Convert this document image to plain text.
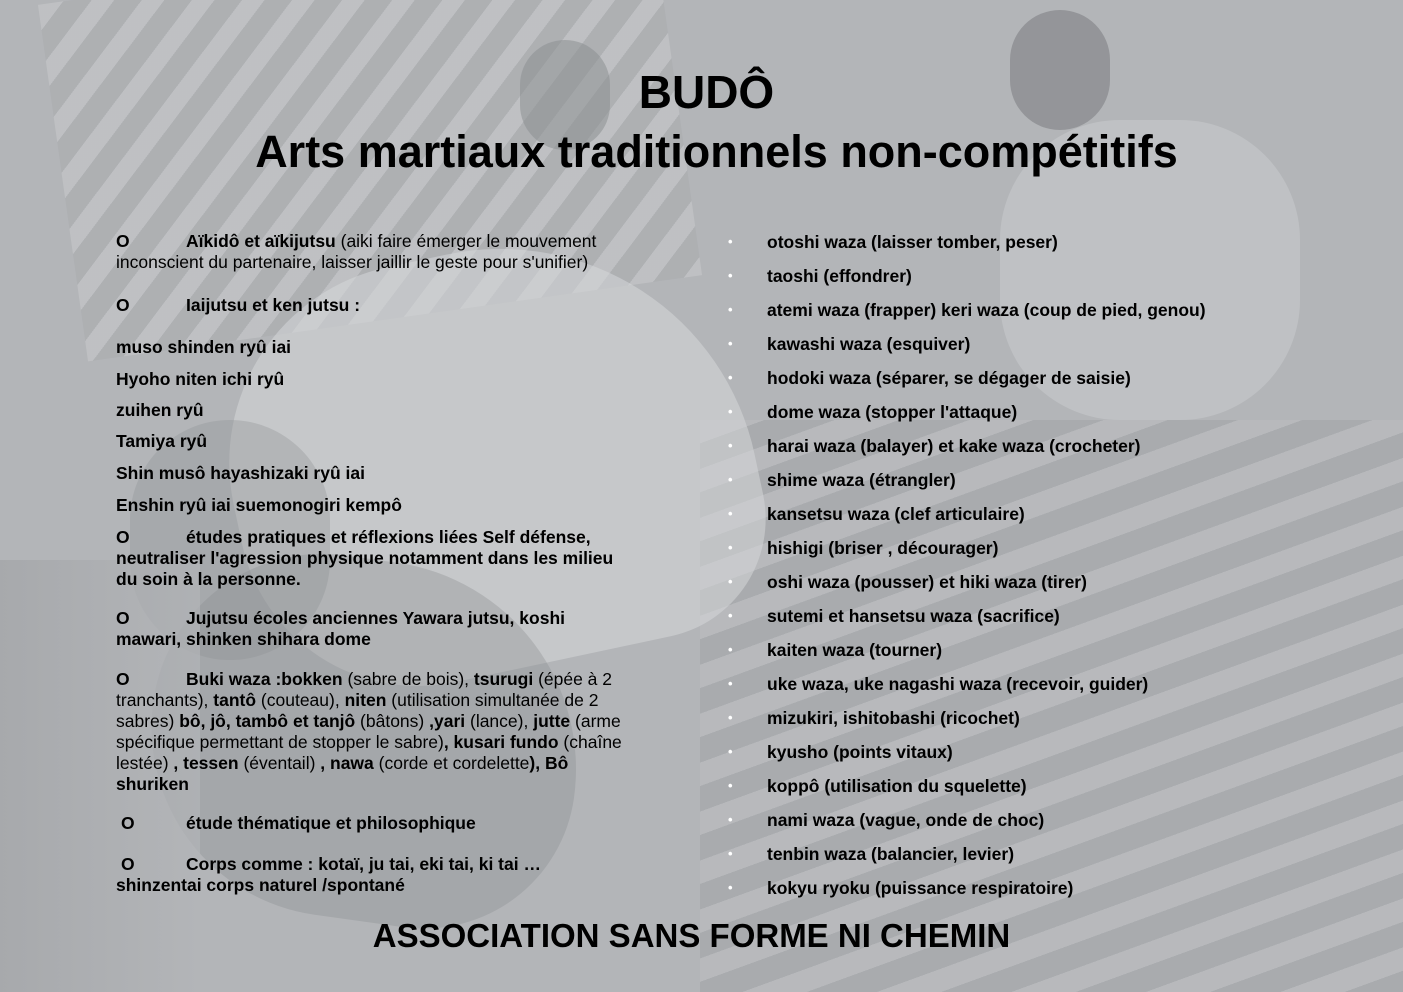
BUDÔ
Arts martiaux traditionnels non-compétitifs
O	Aïkidô et aïkijutsu (aiki faire émerger le mouvement
inconscient du partenaire, laisser jaillir le geste pour s'unifier)
O	Iaijutsu et ken jutsu :
muso shinden ryû iai
Hyoho niten ichi ryû
zuihen ryû
Tamiya ryû
Shin musô hayashizaki ryû iai
Enshin ryû iai suemonogiri kempô
O	études pratiques et réflexions liées Self défense,
neutraliser l'agression physique notamment dans les milieu
du soin à la personne.
O	Jujutsu écoles anciennes Yawara jutsu, koshi
mawari, shinken shihara dome
O	Buki waza :bokken (sabre de bois), tsurugi (épée à 2
tranchants), tantô (couteau), niten (utilisation simultanée de 2
sabres) bô, jô, tambô et tanjô (bâtons) ,yari (lance), jutte (arme
spécifique permettant de stopper le sabre), kusari fundo (chaîne
lestée) , tessen (éventail) , nawa (corde et cordelette), Bô
shuriken
O	étude thématique et philosophique
O	Corps comme : kotaï, ju tai, eki tai, ki tai …
shinzentai corps naturel /spontané
• otoshi waza (laisser tomber, peser)
• taoshi (effondrer)
• atemi waza (frapper) keri waza (coup de pied, genou)
• kawashi waza (esquiver)
• hodoki waza (séparer, se dégager de saisie)
• dome waza (stopper l'attaque)
• harai waza (balayer) et kake waza (crocheter)
• shime waza (étrangler)
• kansetsu waza (clef articulaire)
• hishigi (briser , décourager)
• oshi waza (pousser) et hiki waza (tirer)
• sutemi et hansetsu waza (sacrifice)
• kaiten waza (tourner)
• uke waza, uke nagashi waza (recevoir, guider)
• mizukiri, ishitobashi (ricochet)
• kyusho (points vitaux)
• koppô (utilisation du squelette)
• nami waza (vague, onde de choc)
• tenbin waza (balancier, levier)
• kokyu ryoku (puissance respiratoire)
ASSOCIATION SANS FORME NI CHEMIN
